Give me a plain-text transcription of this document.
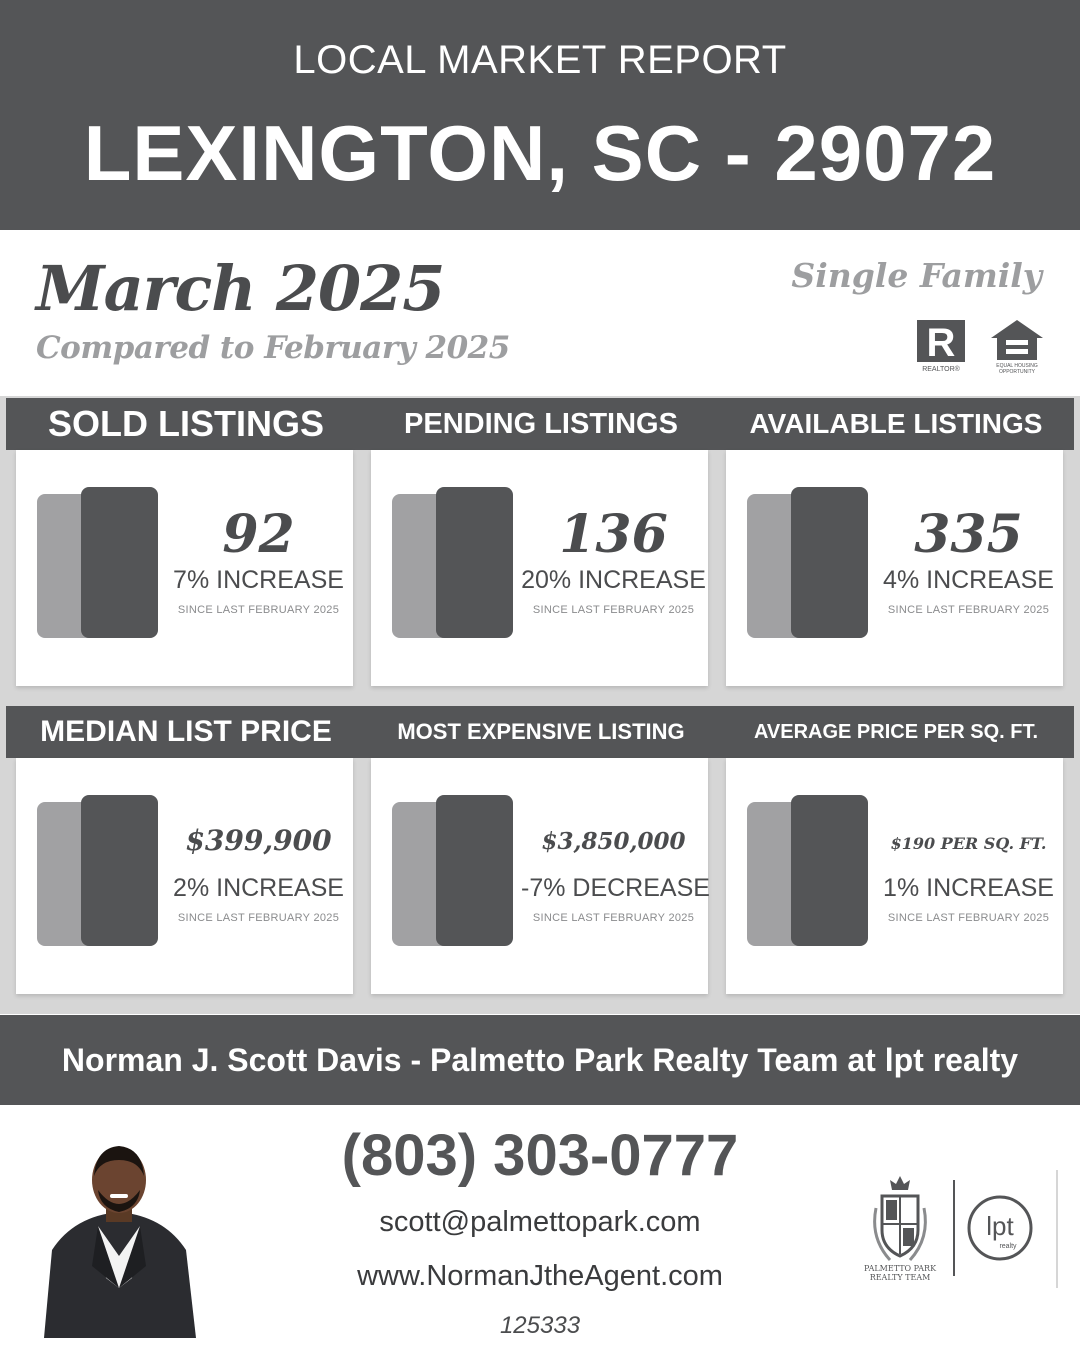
LOCAL MARKET REPORT
LEXINGTON, SC - 29072
March 2025
Compared to February 2025
Single Family
R
REALTOR®	EQUAL HOUSING
OPPORTUNITY
SOLD LISTINGS	PENDING LISTINGS	AVAILABLE LISTINGS
92
7% INCREASE
SINCE LAST FEBRUARY 2025
136
20% INCREASE
SINCE LAST FEBRUARY 2025
335
4% INCREASE
SINCE LAST FEBRUARY 2025
MEDIAN LIST PRICE	MOST EXPENSIVE LISTING	AVERAGE PRICE PER SQ. FT.
$399,900
2% INCREASE
SINCE LAST FEBRUARY 2025
$3,850,000
-7% DECREASE
SINCE LAST FEBRUARY 2025
$190 PER SQ. FT.
1% INCREASE
SINCE LAST FEBRUARY 2025
Norman J. Scott Davis - Palmetto Park Realty Team at lpt realty
(803) 303-0777
scott@palmettopark.com
www.NormanJtheAgent.com
125333
PALMETTO PARK
REALTY TEAM
lpt
realty
